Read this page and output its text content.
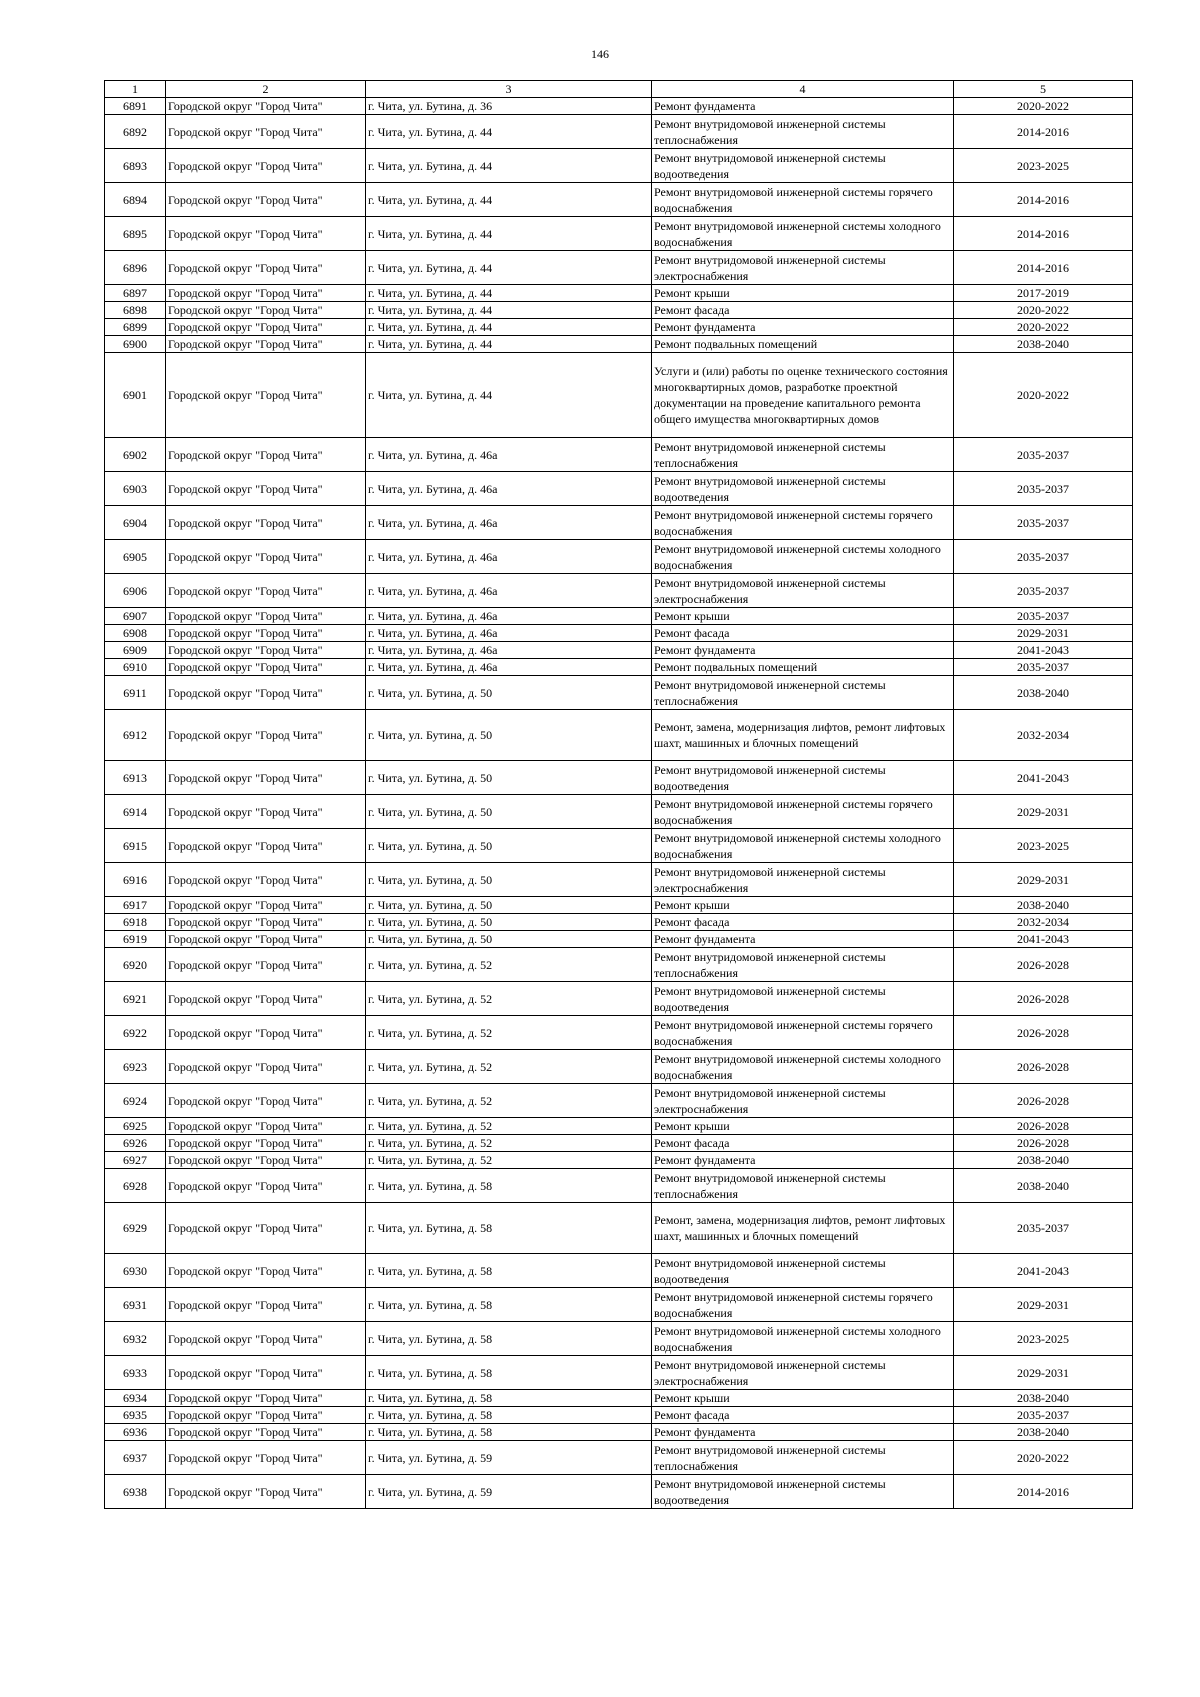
146
1	2	3	4	5
6891	Городской округ "Город Чита"	г. Чита, ул. Бутина, д. 36	Ремонт фундамента	2020-2022
6892	Городской округ "Город Чита"	г. Чита, ул. Бутина, д. 44	Ремонт внутридомовой инженерной системы теплоснабжения	2014-2016
6893	Городской округ "Город Чита"	г. Чита, ул. Бутина, д. 44	Ремонт внутридомовой инженерной системы водоотведения	2023-2025
6894	Городской округ "Город Чита"	г. Чита, ул. Бутина, д. 44	Ремонт внутридомовой инженерной системы горячего водоснабжения	2014-2016
6895	Городской округ "Город Чита"	г. Чита, ул. Бутина, д. 44	Ремонт внутридомовой инженерной системы холодного водоснабжения	2014-2016
6896	Городской округ "Город Чита"	г. Чита, ул. Бутина, д. 44	Ремонт внутридомовой инженерной системы электроснабжения	2014-2016
6897	Городской округ "Город Чита"	г. Чита, ул. Бутина, д. 44	Ремонт крыши	2017-2019
6898	Городской округ "Город Чита"	г. Чита, ул. Бутина, д. 44	Ремонт фасада	2020-2022
6899	Городской округ "Город Чита"	г. Чита, ул. Бутина, д. 44	Ремонт фундамента	2020-2022
6900	Городской округ "Город Чита"	г. Чита, ул. Бутина, д. 44	Ремонт подвальных помещений	2038-2040
6901	Городской округ "Город Чита"	г. Чита, ул. Бутина, д. 44	Услуги и (или) работы по оценке технического состояния многоквартирных домов, разработке проектной документации на проведение капитального ремонта общего имущества многоквартирных домов	2020-2022
6902	Городской округ "Город Чита"	г. Чита, ул. Бутина, д. 46а	Ремонт внутридомовой инженерной системы теплоснабжения	2035-2037
6903	Городской округ "Город Чита"	г. Чита, ул. Бутина, д. 46а	Ремонт внутридомовой инженерной системы водоотведения	2035-2037
6904	Городской округ "Город Чита"	г. Чита, ул. Бутина, д. 46а	Ремонт внутридомовой инженерной системы горячего водоснабжения	2035-2037
6905	Городской округ "Город Чита"	г. Чита, ул. Бутина, д. 46а	Ремонт внутридомовой инженерной системы холодного водоснабжения	2035-2037
6906	Городской округ "Город Чита"	г. Чита, ул. Бутина, д. 46а	Ремонт внутридомовой инженерной системы электроснабжения	2035-2037
6907	Городской округ "Город Чита"	г. Чита, ул. Бутина, д. 46а	Ремонт крыши	2035-2037
6908	Городской округ "Город Чита"	г. Чита, ул. Бутина, д. 46а	Ремонт фасада	2029-2031
6909	Городской округ "Город Чита"	г. Чита, ул. Бутина, д. 46а	Ремонт фундамента	2041-2043
6910	Городской округ "Город Чита"	г. Чита, ул. Бутина, д. 46а	Ремонт подвальных помещений	2035-2037
6911	Городской округ "Город Чита"	г. Чита, ул. Бутина, д. 50	Ремонт внутридомовой инженерной системы теплоснабжения	2038-2040
6912	Городской округ "Город Чита"	г. Чита, ул. Бутина, д. 50	Ремонт, замена, модернизация лифтов, ремонт лифтовых шахт, машинных и блочных помещений	2032-2034
6913	Городской округ "Город Чита"	г. Чита, ул. Бутина, д. 50	Ремонт внутридомовой инженерной системы водоотведения	2041-2043
6914	Городской округ "Город Чита"	г. Чита, ул. Бутина, д. 50	Ремонт внутридомовой инженерной системы горячего водоснабжения	2029-2031
6915	Городской округ "Город Чита"	г. Чита, ул. Бутина, д. 50	Ремонт внутридомовой инженерной системы холодного водоснабжения	2023-2025
6916	Городской округ "Город Чита"	г. Чита, ул. Бутина, д. 50	Ремонт внутридомовой инженерной системы электроснабжения	2029-2031
6917	Городской округ "Город Чита"	г. Чита, ул. Бутина, д. 50	Ремонт крыши	2038-2040
6918	Городской округ "Город Чита"	г. Чита, ул. Бутина, д. 50	Ремонт фасада	2032-2034
6919	Городской округ "Город Чита"	г. Чита, ул. Бутина, д. 50	Ремонт фундамента	2041-2043
6920	Городской округ "Город Чита"	г. Чита, ул. Бутина, д. 52	Ремонт внутридомовой инженерной системы теплоснабжения	2026-2028
6921	Городской округ "Город Чита"	г. Чита, ул. Бутина, д. 52	Ремонт внутридомовой инженерной системы водоотведения	2026-2028
6922	Городской округ "Город Чита"	г. Чита, ул. Бутина, д. 52	Ремонт внутридомовой инженерной системы горячего водоснабжения	2026-2028
6923	Городской округ "Город Чита"	г. Чита, ул. Бутина, д. 52	Ремонт внутридомовой инженерной системы холодного водоснабжения	2026-2028
6924	Городской округ "Город Чита"	г. Чита, ул. Бутина, д. 52	Ремонт внутридомовой инженерной системы электроснабжения	2026-2028
6925	Городской округ "Город Чита"	г. Чита, ул. Бутина, д. 52	Ремонт крыши	2026-2028
6926	Городской округ "Город Чита"	г. Чита, ул. Бутина, д. 52	Ремонт фасада	2026-2028
6927	Городской округ "Город Чита"	г. Чита, ул. Бутина, д. 52	Ремонт фундамента	2038-2040
6928	Городской округ "Город Чита"	г. Чита, ул. Бутина, д. 58	Ремонт внутридомовой инженерной системы теплоснабжения	2038-2040
6929	Городской округ "Город Чита"	г. Чита, ул. Бутина, д. 58	Ремонт, замена, модернизация лифтов, ремонт лифтовых шахт, машинных и блочных помещений	2035-2037
6930	Городской округ "Город Чита"	г. Чита, ул. Бутина, д. 58	Ремонт внутридомовой инженерной системы водоотведения	2041-2043
6931	Городской округ "Город Чита"	г. Чита, ул. Бутина, д. 58	Ремонт внутридомовой инженерной системы горячего водоснабжения	2029-2031
6932	Городской округ "Город Чита"	г. Чита, ул. Бутина, д. 58	Ремонт внутридомовой инженерной системы холодного водоснабжения	2023-2025
6933	Городской округ "Город Чита"	г. Чита, ул. Бутина, д. 58	Ремонт внутридомовой инженерной системы электроснабжения	2029-2031
6934	Городской округ "Город Чита"	г. Чита, ул. Бутина, д. 58	Ремонт крыши	2038-2040
6935	Городской округ "Город Чита"	г. Чита, ул. Бутина, д. 58	Ремонт фасада	2035-2037
6936	Городской округ "Город Чита"	г. Чита, ул. Бутина, д. 58	Ремонт фундамента	2038-2040
6937	Городской округ "Город Чита"	г. Чита, ул. Бутина, д. 59	Ремонт внутридомовой инженерной системы теплоснабжения	2020-2022
6938	Городской округ "Город Чита"	г. Чита, ул. Бутина, д. 59	Ремонт внутридомовой инженерной системы водоотведения	2014-2016
